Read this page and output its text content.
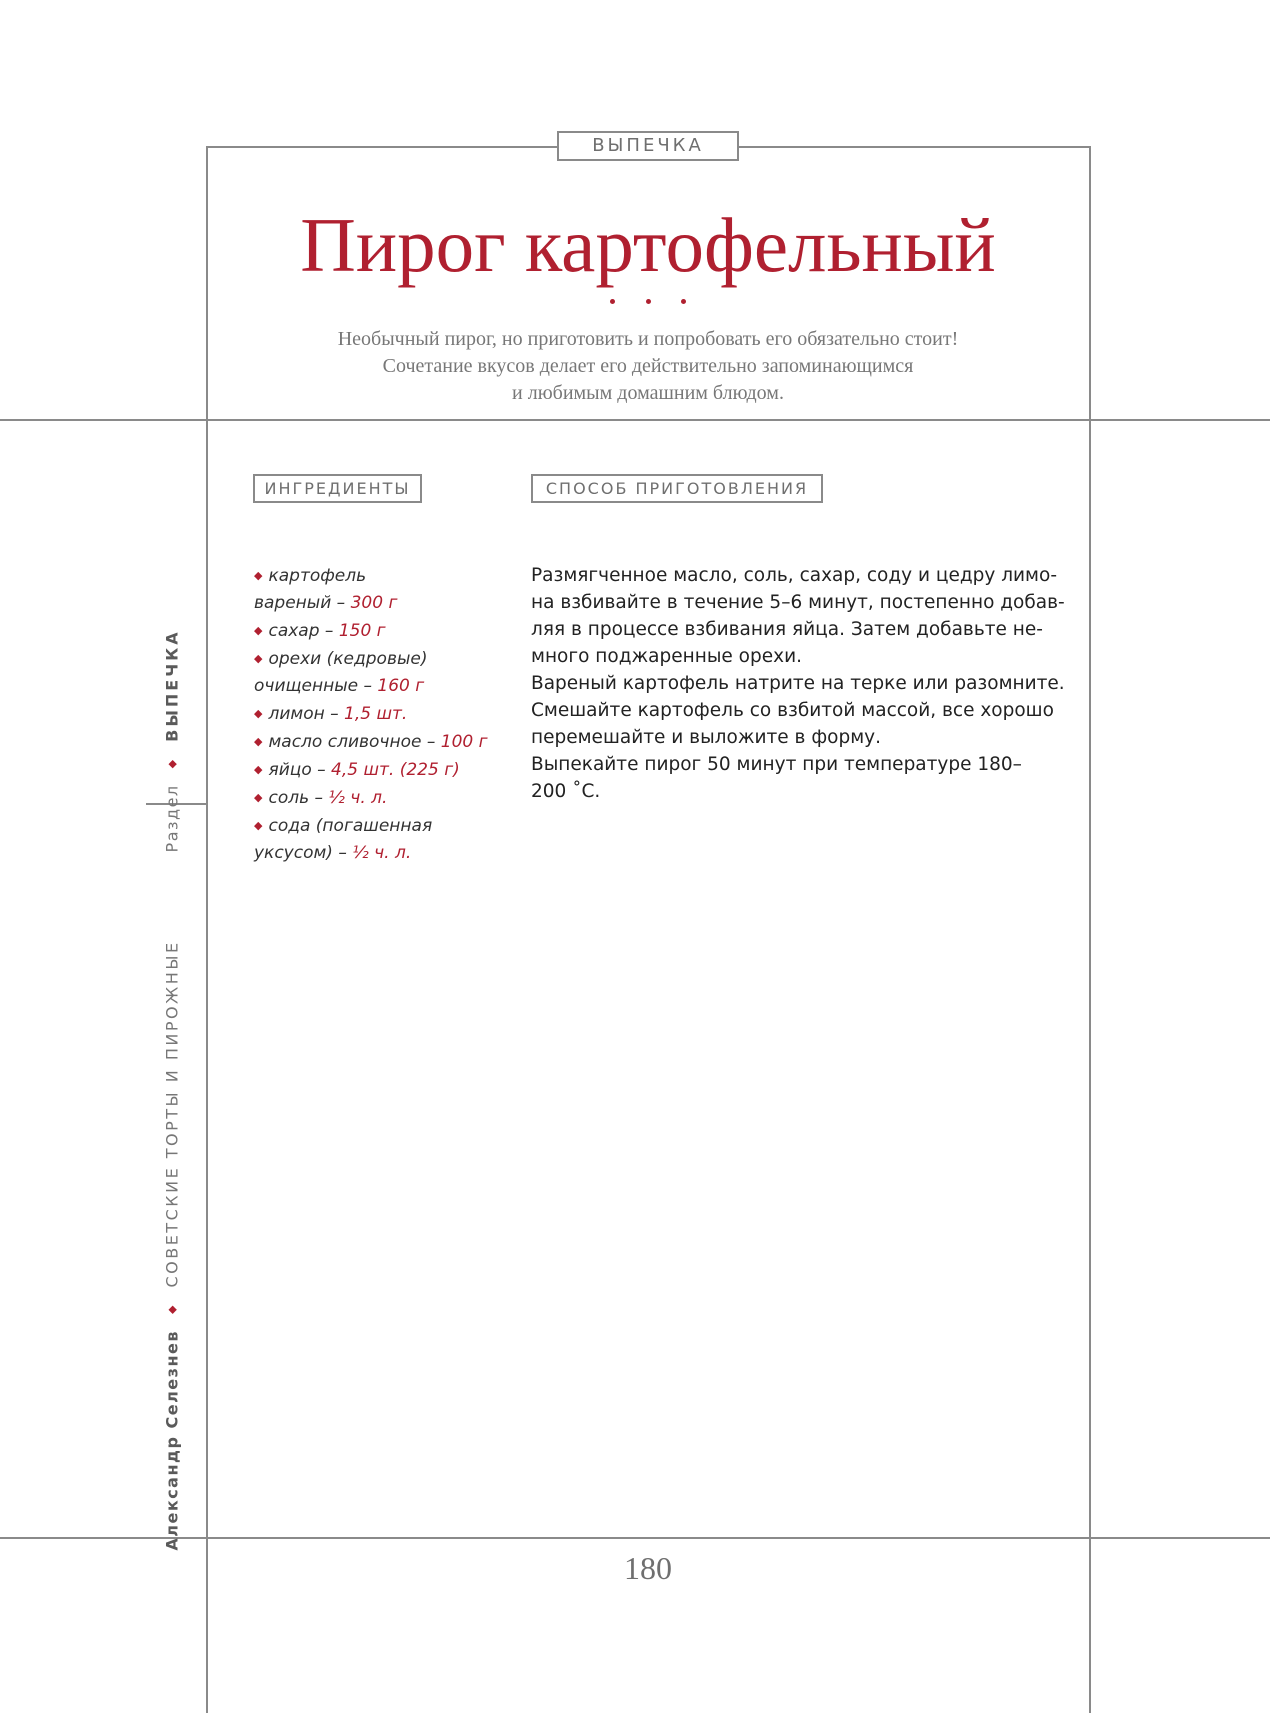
ВЫПЕЧКА
Пирог картофельный
Необычный пирог, но приготовить и попробовать его обязательно стоит!
Сочетание вкусов делает его действительно запоминающимся
и любимым домашним блюдом.
ИНГРЕДИЕНТЫ	СПОСОБ ПРИГОТОВЛЕНИЯ

◆ картофель
вареный – 300 г

◆ сахар – 150 г

◆ орехи (кедровые)
очищенные – 160 г

◆ лимон – 1,5 шт.

◆ масло сливочное – 100 г

◆ яйцо – 4,5 шт. (225 г)

◆ соль – ½ ч. л.

◆ сода (погашенная
уксусом) – ½ ч. л.

Размягченное масло, соль, сахар, соду и цедру лимо-
на взбивайте в течение 5–6 минут, постепенно добав-
ляя в процессе взбивания яйца. Затем добавьте не-
много поджаренные орехи.

Вареный картофель натрите на терке или разомните.

Смешайте картофель со взбитой массой, все хорошо
перемешайте и выложите в форму.

Выпекайте пирог 50 минут при температуре 180–
200 ˚С.

Александр Селезнев
◆
СОВЕТСКИЕ ТОРТЫ И ПИРОЖНЫЕ
Раздел
◆
ВЫПЕЧКА
180
